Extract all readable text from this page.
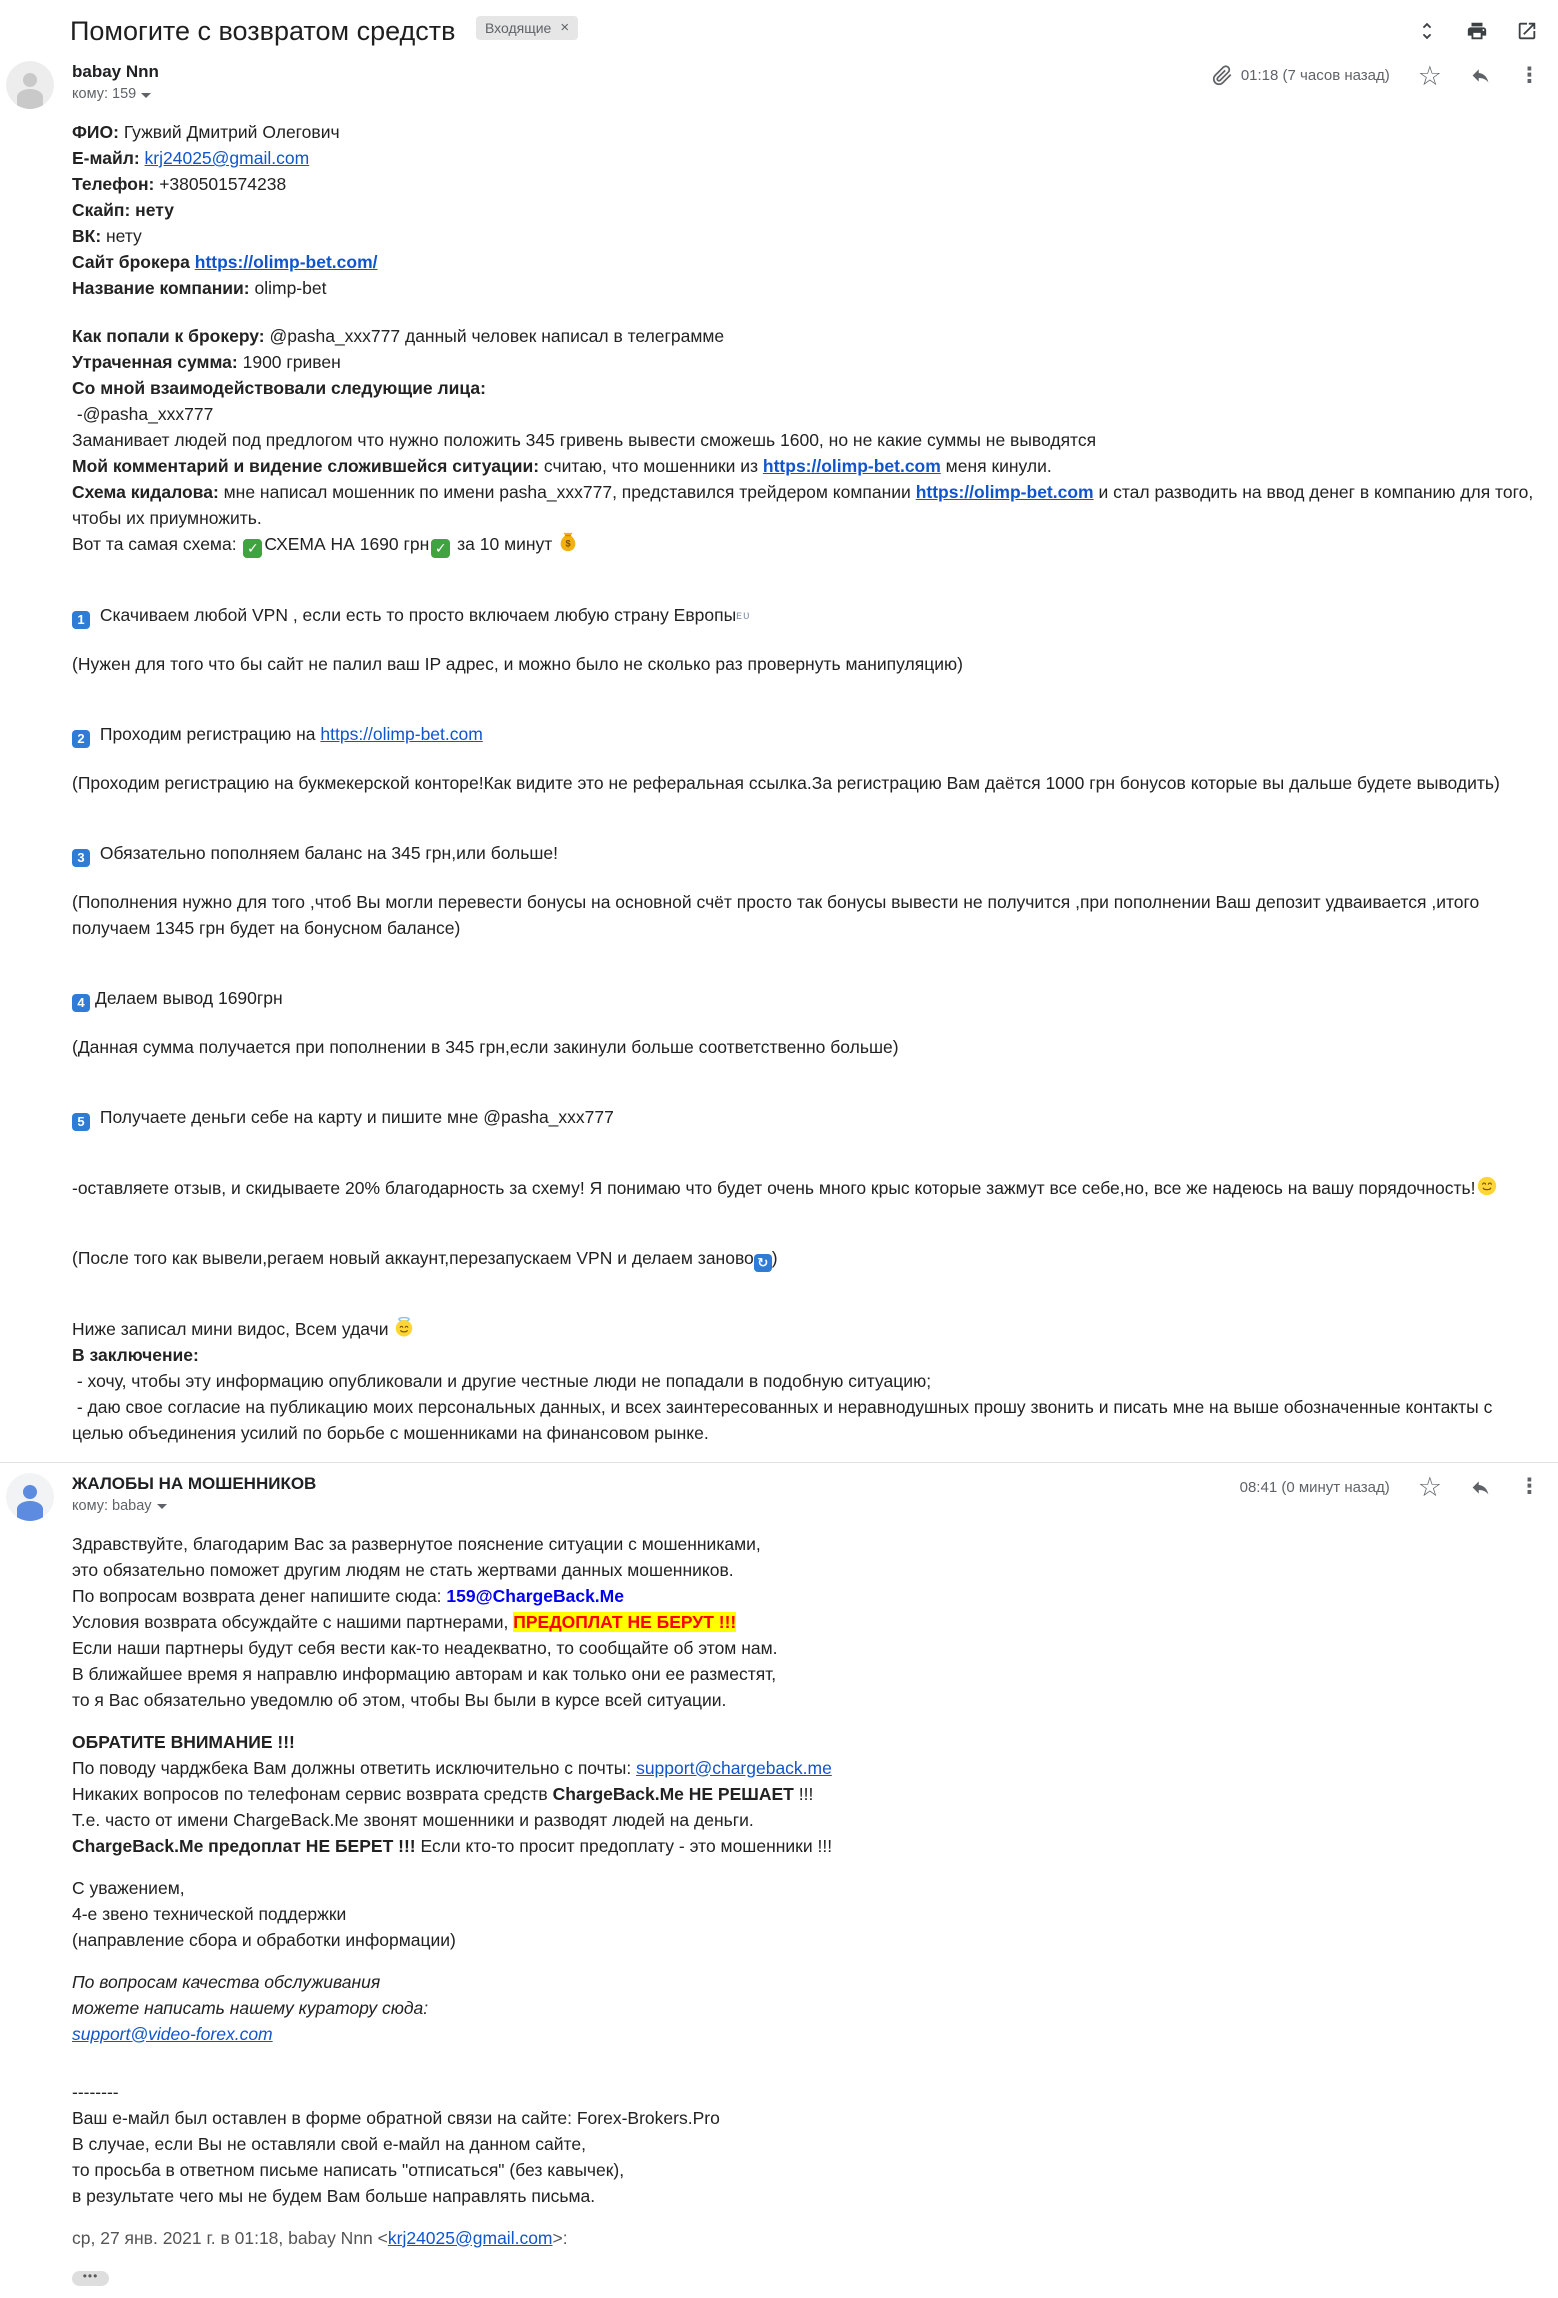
Помогите с возвратом средств Входящие ×
babay Nnn
кому: 159
01:18 (7 часов назад) ☆	⋮
ФИО: Гужвий Дмитрий Олегович
Е-майл: krj24025@gmail.com
Телефон: +380501574238
Скайп: нету
ВК: нету
Сайт брокера https://olimp-bet.com/
Название компании: olimp-bet
Как попали к брокеру: @pasha_xxx777 данный человек написал в телеграмме
Утраченная сумма: 1900 гривен
Со мной взаимодействовали следующие лица:
-@pasha_xxx777
Заманивает людей под предлогом что нужно положить 345 гривень вывести сможешь 1600, но не какие суммы не выводятся
Мой комментарий и видение сложившейся ситуации: считаю, что мошенники из https://olimp-bet.com меня кинули.
Схема кидалова: мне написал мошенник по имени pasha_xxx777, представился трейдером компании https://olimp-bet.com и стал разводить на ввод денег в компанию для того, чтобы их приумножить.
Вот та самая схема: ✓ СХЕМА НА 1690 грн ✓ за 10 минут $
1 Скачиваем любой VPN , если есть то просто включаем любую страну Европыᴇᴜ
(Нужен для того что бы сайт не палил ваш IP адрес, и можно было не сколько раз провернуть манипуляцию)
2 Проходим регистрацию на https://olimp-bet.com
(Проходим регистрацию на букмекерской конторе!Как видите это не реферальная ссылка.За регистрацию Вам даётся 1000 грн бонусов которые вы дальше будете выводить)
3 Обязательно пополняем баланс на 345 грн,или больше!
(Пополнения нужно для того ,чтоб Вы могли перевести бонусы на основной счёт просто так бонусы вывести не получится ,при пополнении Ваш депозит удваивается ,итого получаем 1345 грн будет на бонусном балансе)
4 Делаем вывод 1690грн
(Данная сумма получается при пополнении в 345 грн,если закинули больше соответственно больше)
5 Получаете деньги себе на карту и пишите мне @pasha_xxx777
-оставляете отзыв, и скидываете 20% благодарность за схему! Я понимаю что будет очень много крыс которые зажмут все себе,но, все же надеюсь на вашу порядочность!
(После того как вывели,регаем новый аккаунт,перезапускаем VPN и делаем заново ↻ )
Ниже записал мини видос, Всем удачи
В заключение:
- хочу, чтобы эту информацию опубликовали и другие честные люди не попадали в подобную ситуацию;
- даю свое согласие на публикацию моих персональных данных, и всех заинтересованных и неравнодушных прошу звонить и писать мне на выше обозначенные контакты с целью объединения усилий по борьбе с мошенниками на финансовом рынке.
ЖАЛОБЫ НА МОШЕННИКОВ
кому: babay
08:41 (0 минут назад) ☆	⋮
Здравствуйте, благодарим Вас за развернутое пояснение ситуации с мошенниками,
это обязательно поможет другим людям не стать жертвами данных мошенников.
По вопросам возврата денег напишите сюда: 159@ChargeBack.Me
Условия возврата обсуждайте с нашими партнерами, ПРЕДОПЛАТ НЕ БЕРУТ !!!
Если наши партнеры будут себя вести как-то неадекватно, то сообщайте об этом нам.
В ближайшее время я направлю информацию авторам и как только они ее разместят,
то я Вас обязательно уведомлю об этом, чтобы Вы были в курсе всей ситуации.
ОБРАТИТЕ ВНИМАНИЕ !!!
По поводу чарджбека Вам должны ответить исключительно с почты: support@chargeback.me
Никаких вопросов по телефонам сервис возврата средств ChargeBack.Me НЕ РЕШАЕТ !!!
Т.е. часто от имени ChargeBack.Me звонят мошенники и разводят людей на деньги.
ChargeBack.Me предоплат НЕ БЕРЕТ !!! Если кто-то просит предоплату - это мошенники !!!
С уважением,
4-е звено технической поддержки
(направление сбора и обработки информации)
По вопросам качества обслуживания
можете написать нашему куратору сюда:
support@video-forex.com
--------
Ваш е-майл был оставлен в форме обратной связи на сайте: Forex-Brokers.Pro
В случае, если Вы не оставляли свой е-майл на данном сайте,
то просьба в ответном письме написать "отписаться" (без кавычек),
в результате чего мы не будем Вам больше направлять письма.
ср, 27 янв. 2021 г. в 01:18, babay Nnn <krj24025@gmail.com>:
•••
